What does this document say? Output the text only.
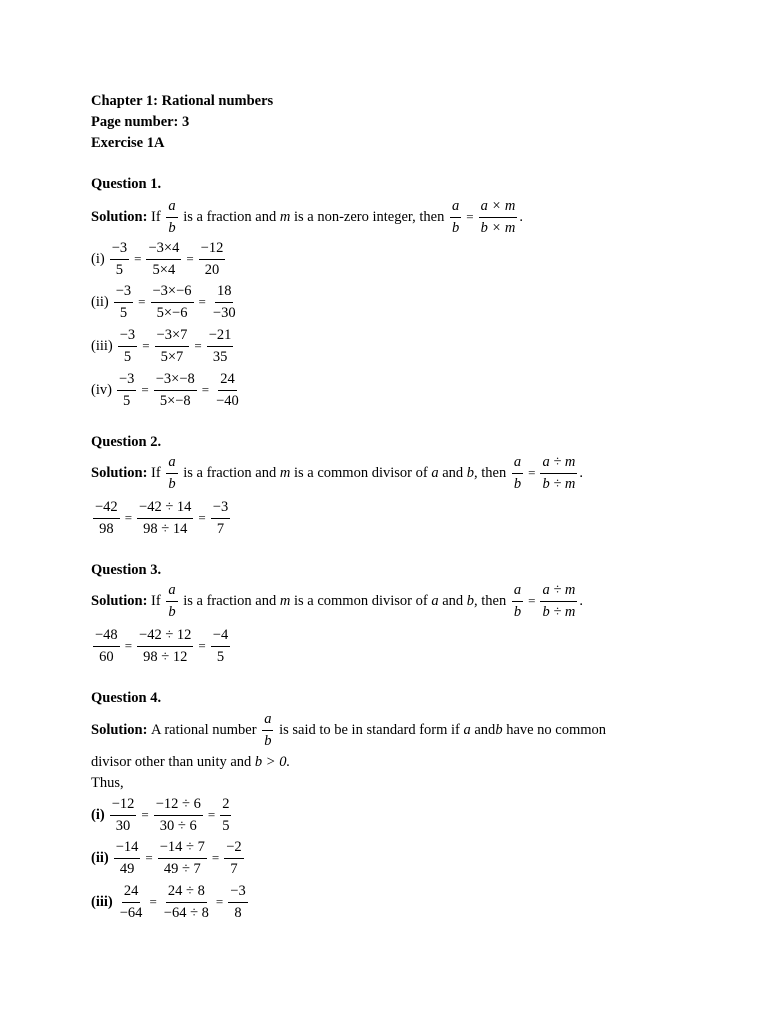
Chapter 1: Rational numbers
Page number: 3
Exercise 1A
Question 1.
Solution:
If
$\frac{a}{b}$
is a fraction and
m
is a non-zero integer, then
$\frac{a}{b} = \frac{a \times m}{b \times m}$ .
$(i) \frac{-3}{5} = \frac{-3\times 4}{5\times 4} = \frac{-12}{20}$
$(ii) \frac{-3}{5} = \frac{-3\times-6}{5\times-6} = \frac{18}{-30}$
$(iii) \frac{-3}{5} = \frac{-3\times 7}{5\times 7} = \frac{-21}{35}$
$(iv) \frac{-3}{5} = \frac{-3\times-8}{5\times-8} = \frac{24}{-40}$
Question 2.
Solution:
If
$\frac{a}{b}$
is a fraction and
m
is a common divisor of
a
and
b , then
$\frac{a}{b} = \frac{a \div m}{b \div m}$ .
$\frac{-42}{98} = \frac{-42 \div 14}{98 \div 14} = \frac{-3}{7}$
Question 3.
Solution:
If
$\frac{a}{b}$
is a fraction and
m
is a common divisor of
a
and
b , then
$\frac{a}{b} = \frac{a \div m}{b \div m}$ .
$\frac{-48}{60} = \frac{-42 \div 12}{98 \div 12} = \frac{-4}{5}$
Question 4.
Solution:
A rational number
$\frac{a}{b}$
is said to be in standard form if
a
and b
have no common
divisor other than unity and b > 0.
Thus,
$(i) \frac{-12}{30} = \frac{-12 \div 6}{30 \div 6} = \frac{2}{5}$
$(ii) \frac{-14}{49} = \frac{-14 \div 7}{49 \div 7} = \frac{-2}{7}$
$(iii) \frac{24}{-64} = \frac{24 \div 8}{-64 \div 8} = \frac{-3}{8}$
